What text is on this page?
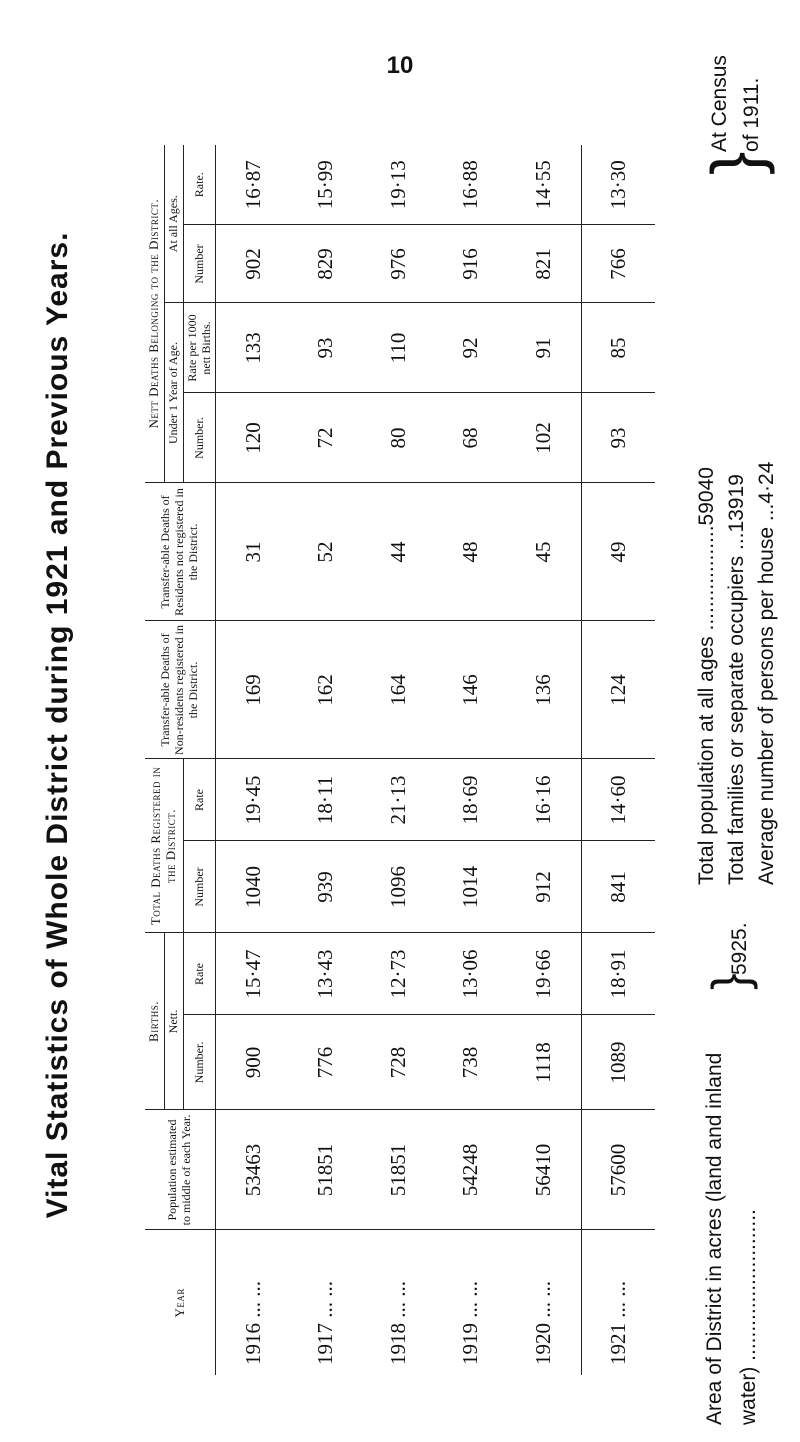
10
Vital Statistics of Whole District during 1921 and Previous Years.
Year	Population estimated to middle of each Year.	Births.		Total Deaths Registered in the District.		Transfer-able Deaths of Non-residents registered in the District.	Transfer-able Deaths of Residents not registered in the District.	Nett Deaths Belonging to the District.			
		Nett.						Under 1 Year of Age.		At all Ages.	
		Number.	Rate	Number	Rate			Number.	Rate per 1000 nett Births.	Number	Rate.
1916 ... ...	53463	900	15·47	1040	19·45	169	31	120	133	902	16·87
1917 ... ...	51851	776	13·43	939	18·11	162	52	72	93	829	15·99
1918 ... ...	51851	728	12·73	1096	21·13	164	44	80	110	976	19·13
1919 ... ...	54248	738	13·06	1014	18·69	146	48	68	92	916	16·88
1920 ... ...	56410	1118	19·66	912	16·16	136	45	102	91	821	14·55
1921 ... ...	57600	1089	18·91	841	14·60	124	49	93	85	766	13·30
Area of District in acres (land and inland water) ..........................
}
5925.
Total population at all ages ..................59040
Total families or separate occupiers ...13919
Average number of persons per house ...4·24
}
At Census of 1911.
